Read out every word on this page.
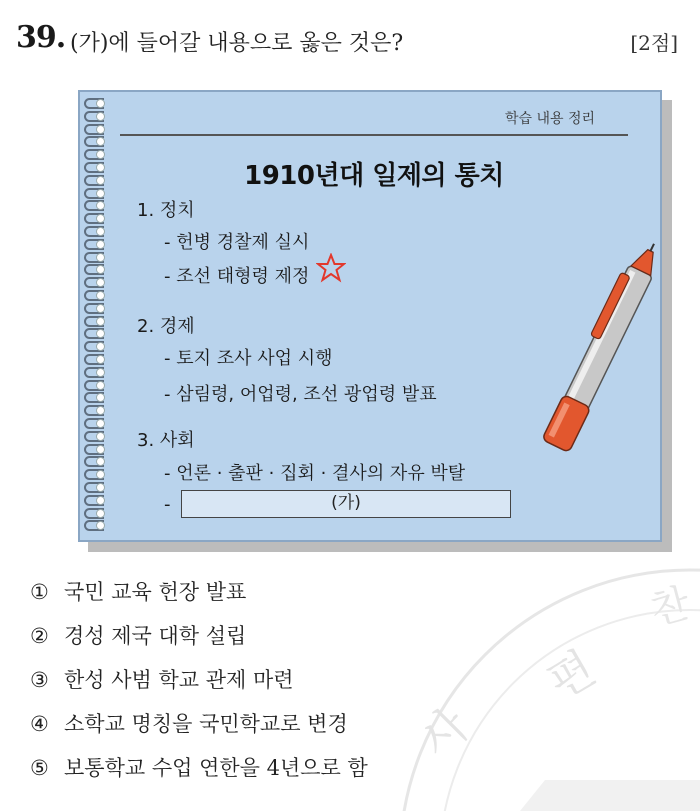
편
사
찬
39. (가)에 들어갈 내용으로 옳은 것은?	[2점]
학습 내용 정리
1910년대 일제의 통치
1. 정치
- 헌병 경찰제 실시
- 조선 태형령 제정
2. 경제
- 토지 조사 사업 시행
- 삼림령, 어업령, 조선 광업령 발표
3. 사회
- 언론 · 출판 · 집회 · 결사의 자유 박탈
-	(가)
① 국민 교육 헌장 발표
② 경성 제국 대학 설립
③ 한성 사범 학교 관제 마련
④ 소학교 명칭을 국민학교로 변경
⑤ 보통학교 수업 연한을 4년으로 함
